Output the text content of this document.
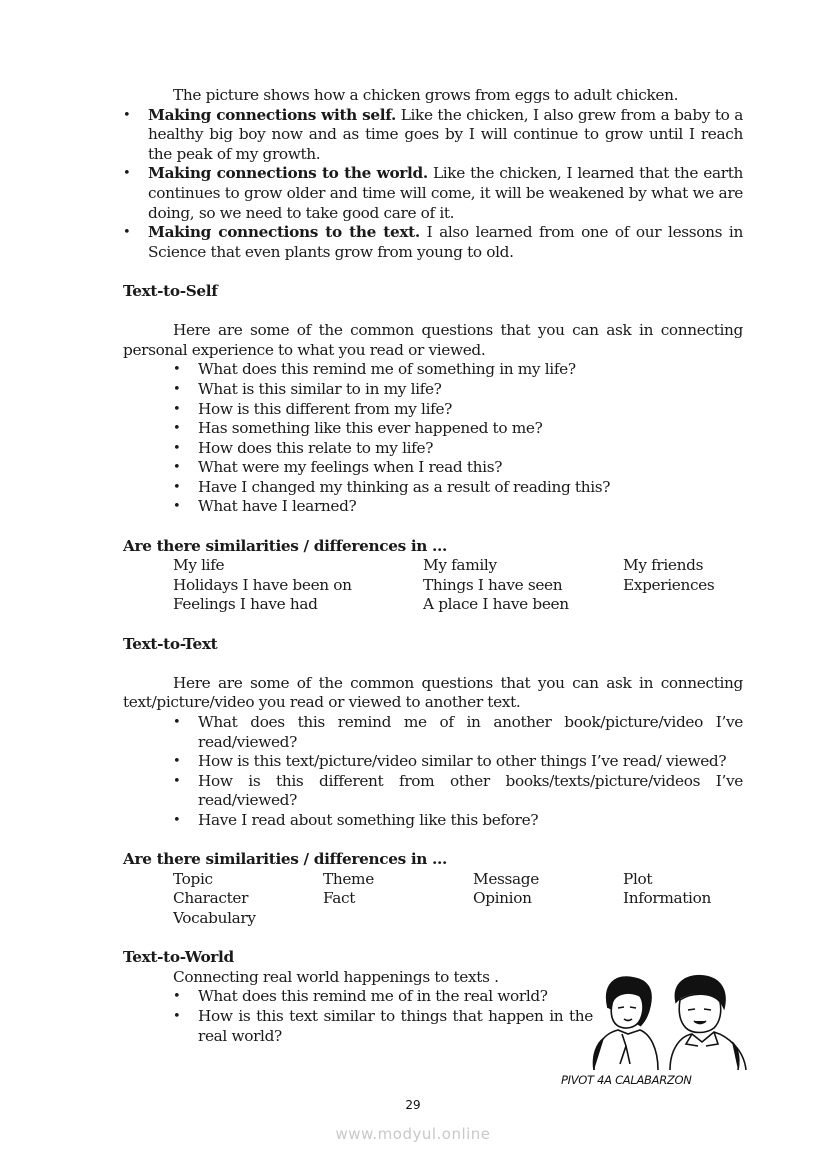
The picture shows how a chicken grows from eggs to adult chicken.
• Making connections with self. Like the chicken, I also grew from a baby to a healthy big boy now and as time goes by I will continue to grow until I reach the peak of my growth.
• Making connections to the world. Like the chicken, I learned that the earth continues to grow older and time will come, it will be weakened by what we are doing, so we need to take good care of it.
• Making connections to the text. I also learned from one of our lessons in Science that even plants grow from young to old.
Text-to-Self
Here are some of the common questions that you can ask in connecting personal experience to what you read or viewed.
• What does this remind me of something in my life?
• What is this similar to in my life?
• How is this different from my life?
• Has something like this ever happened to me?
• How does this relate to my life?
• What were my feelings when I read this?
• Have I changed my thinking as a result of reading this?
• What have I learned?
Are there similarities / differences in ...
My life	My family	My friends
Holidays I have been on	Things I have seen	Experiences
Feelings I have had	A place I have been
Text-to-Text
Here are some of the common questions that you can ask in connecting text/picture/video you read or viewed to another text.
• What does this remind me of in another book/picture/video I’ve read/viewed?
• How is this text/picture/video similar to other things I’ve read/ viewed?
• How is this different from other books/texts/picture/videos I’ve read/viewed?
• Have I read about something like this before?
Are there similarities / differences in ...
Topic	Theme	Message	Plot
Character	Fact	Opinion	Information
Vocabulary
Text-to-World
Connecting real world happenings to texts .
• What does this remind me of in the real world?
• How is this text similar to things that happen in the real world?
PIVOT 4A CALABARZON
29
www.modyul.online
